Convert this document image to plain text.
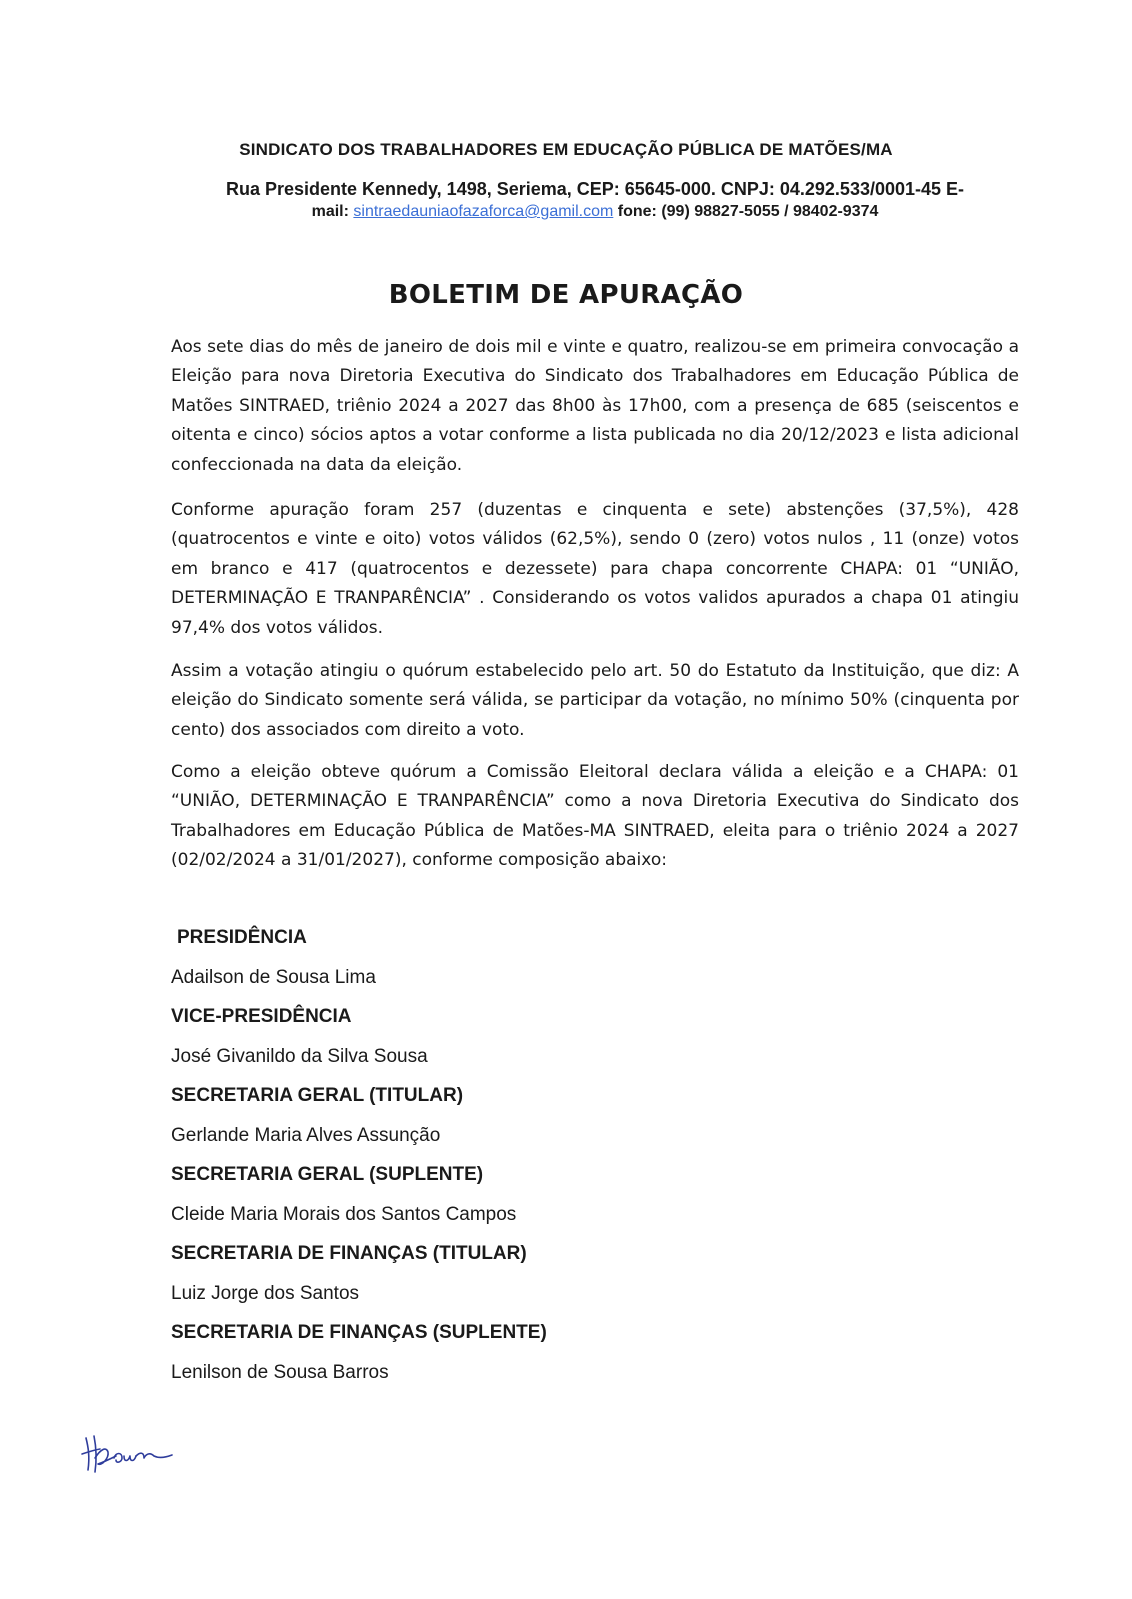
SINDICATO DOS TRABALHADORES EM EDUCAÇÃO PÚBLICA DE MATÕES/MA
Rua Presidente Kennedy, 1498, Seriema, CEP: 65645-000. CNPJ: 04.292.533/0001-45 E-
mail: sintraedauniaofazaforca@gamil.com fone: (99) 98827-5055 / 98402-9374
BOLETIM DE APURAÇÃO

Aos sete dias do mês de janeiro de dois mil e vinte e quatro, realizou-se em primeira convocação a Eleição para nova Diretoria Executiva do Sindicato dos Trabalhadores em Educação Pública de Matões SINTRAED, triênio 2024 a 2027 das 8h00 às 17h00, com a presença de 685 (seiscentos e oitenta e cinco) sócios aptos a votar conforme a lista publicada no dia 20/12/2023 e lista adicional confeccionada na data da eleição.

Conforme apuração foram 257 (duzentas e cinquenta e sete) abstenções (37,5%), 428 (quatrocentos e vinte e oito) votos válidos (62,5%), sendo 0 (zero) votos nulos , 11 (onze) votos em branco e 417 (quatrocentos e dezessete) para chapa concorrente CHAPA: 01 “UNIÃO, DETERMINAÇÃO E TRANPARÊNCIA” . Considerando os votos validos apurados a chapa 01 atingiu 97,4% dos votos válidos.

Assim a votação atingiu o quórum estabelecido pelo art. 50 do Estatuto da Instituição, que diz: A eleição do Sindicato somente será válida, se participar da votação, no mínimo 50% (cinquenta por cento) dos associados com direito a voto.

Como a eleição obteve quórum a Comissão Eleitoral declara válida a eleição e a CHAPA: 01 “UNIÃO, DETERMINAÇÃO E TRANPARÊNCIA” como a nova Diretoria Executiva do Sindicato dos Trabalhadores em Educação Pública de Matões-MA SINTRAED, eleita para o triênio 2024 a 2027 (02/02/2024 a 31/01/2027), conforme composição abaixo:

PRESIDÊNCIA
Adailson de Sousa Lima
VICE-PRESIDÊNCIA
José Givanildo da Silva Sousa
SECRETARIA GERAL (TITULAR)
Gerlande Maria Alves Assunção
SECRETARIA GERAL (SUPLENTE)
Cleide Maria Morais dos Santos Campos
SECRETARIA DE FINANÇAS (TITULAR)
Luiz Jorge dos Santos
SECRETARIA DE FINANÇAS (SUPLENTE)
Lenilson de Sousa Barros
